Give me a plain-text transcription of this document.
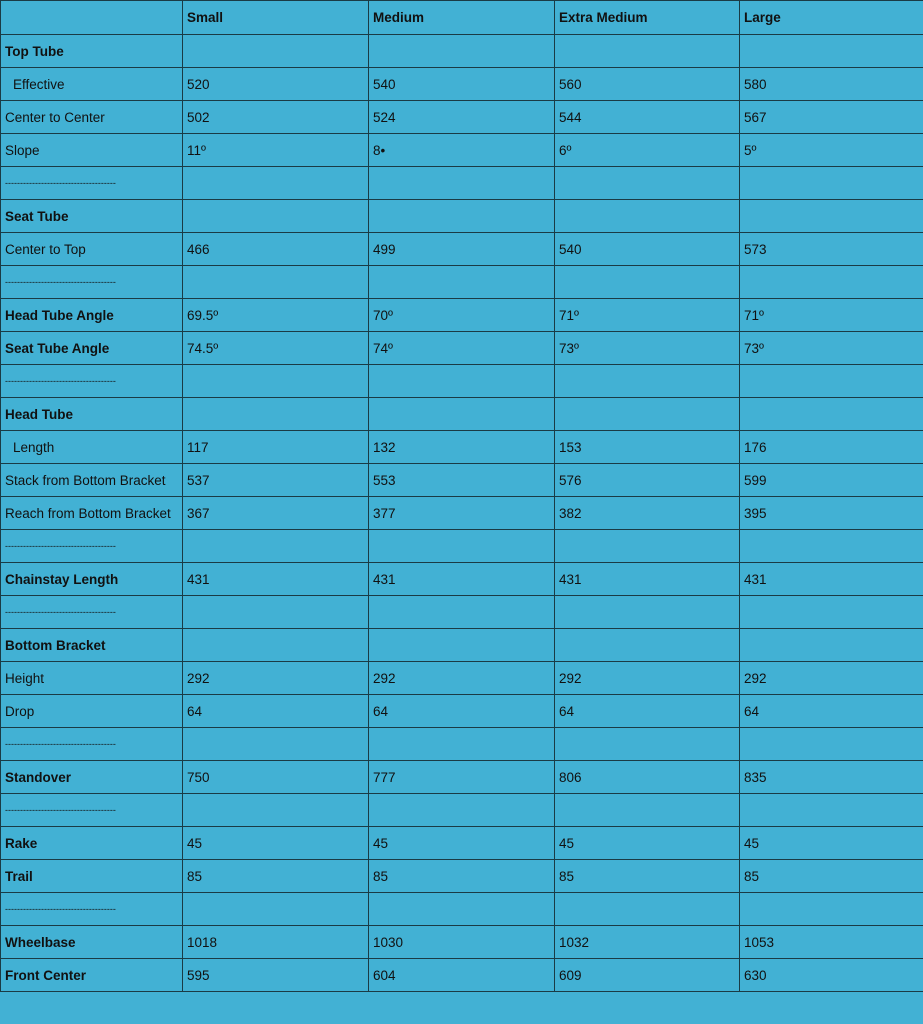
	Small	Medium	Extra Medium	Large
Top Tube				
Effective	520	540	560	580
Center to Center	502	524	544	567
Slope	11º	8•	6º	5º
-------------------------------------				
Seat Tube				
Center to Top	466	499	540	573
-------------------------------------				
Head Tube Angle	69.5º	70º	71º	71º
Seat Tube Angle	74.5º	74º	73º	73º
-------------------------------------				
Head Tube				
Length	117	132	153	176
Stack from Bottom Bracket	537	553	576	599
Reach from Bottom Bracket	367	377	382	395
-------------------------------------				
Chainstay Length	431	431	431	431
-------------------------------------				
Bottom Bracket				
Height	292	292	292	292
Drop	64	64	64	64
-------------------------------------				
Standover	750	777	806	835
-------------------------------------				
Rake	45	45	45	45
Trail	85	85	85	85
-------------------------------------				
Wheelbase	1018	1030	1032	1053
Front Center	595	604	609	630
